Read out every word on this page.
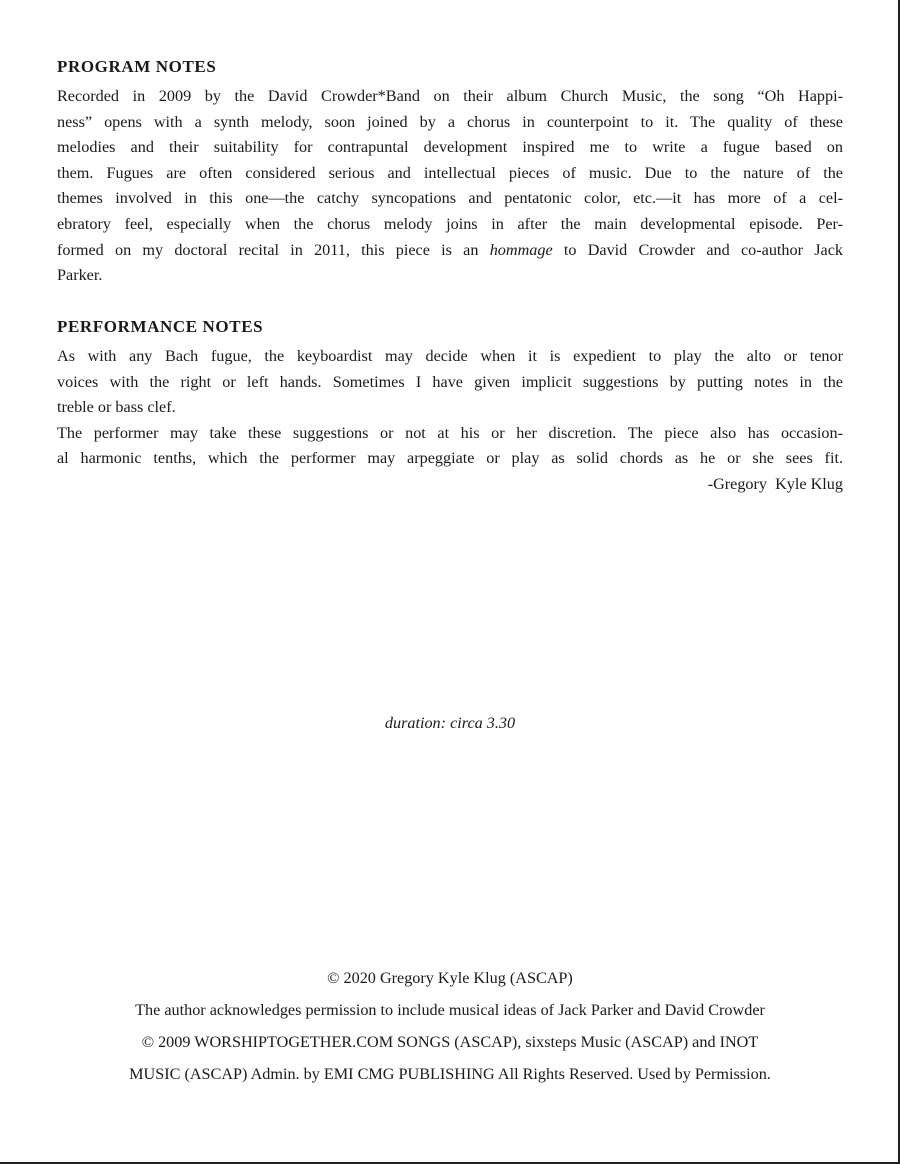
PROGRAM NOTES
Recorded in 2009 by the David Crowder*Band on their album Church Music, the song “Oh Happi-
ness” opens with a synth melody, soon joined by a chorus in counterpoint to it. The quality of these
melodies and their suitability for contrapuntal development inspired me to write a fugue based on
them. Fugues are often considered serious and intellectual pieces of music. Due to the nature of the
themes involved in this one—the catchy syncopations and pentatonic color, etc.—it has more of a cel-
ebratory feel, especially when the chorus melody joins in after the main developmental episode. Per-
formed on my doctoral recital in 2011, this piece is an hommage to David Crowder and co-author Jack
Parker.
PERFORMANCE NOTES
As with any Bach fugue, the keyboardist may decide when it is expedient to play the alto or tenor
voices with the right or left hands. Sometimes I have given implicit suggestions by putting notes in the
treble or bass clef.
The performer may take these suggestions or not at his or her discretion. The piece also has occasion-
al harmonic tenths, which the performer may arpeggiate or play as solid chords as he or she sees fit.
-Gregory  Kyle Klug
duration: circa 3.30
© 2020 Gregory Kyle Klug (ASCAP)
The author acknowledges permission to include musical ideas of Jack Parker and David Crowder
© 2009 WORSHIPTOGETHER.COM SONGS (ASCAP), sixsteps Music (ASCAP) and INOT
MUSIC (ASCAP) Admin. by EMI CMG PUBLISHING All Rights Reserved. Used by Permission.
